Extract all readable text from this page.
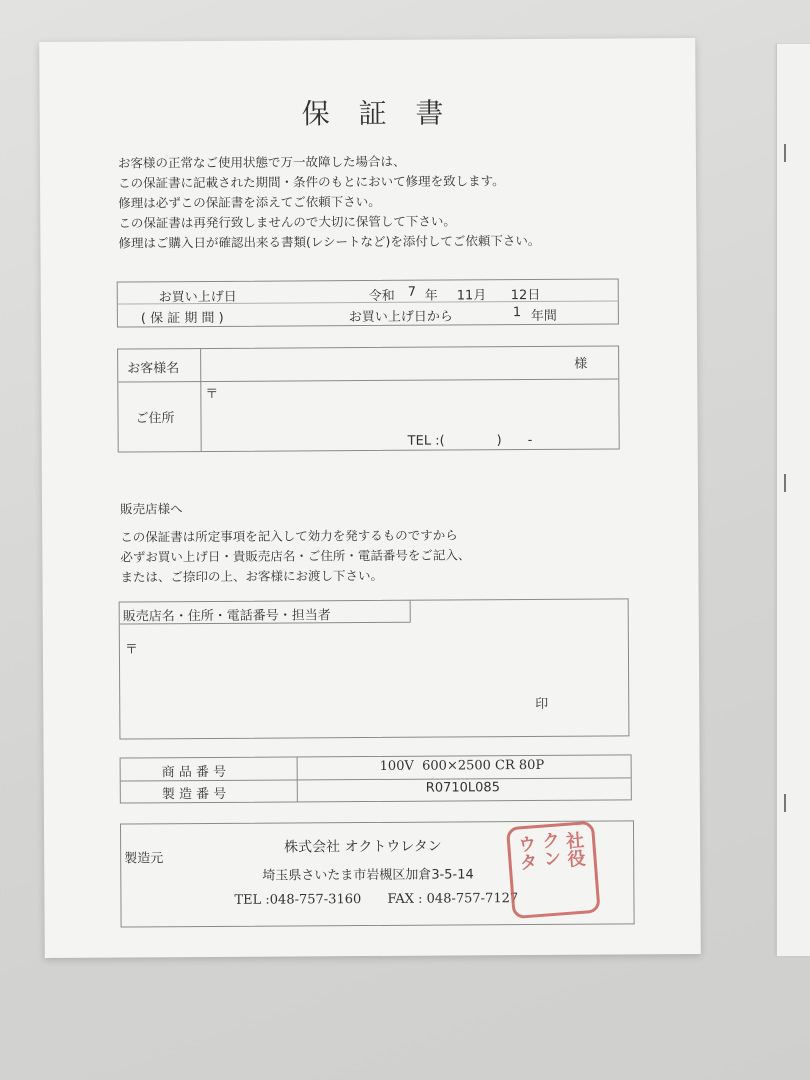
保 証 書
お客様の正常なご使用状態で万一故障した場合は、
この保証書に記載された期間・条件のもとにおいて修理を致します。
修理は必ずこの保証書を添えてご依頼下さい。
この保証書は再発行致しませんので大切に保管して下さい。
修理はご購入日が確認出来る書類(レシートなど)を添付してご依頼下さい。
お買い上げ日	令和 7 年 11月 12日
( 保 証 期 間 )	お買い上げ日から	1 年間
お客様名	様
ご住所
〒
TEL :(　　　　)　　-
販売店様へ
この保証書は所定事項を記入して効力を発するものですから
必ずお買い上げ日・貴販売店名・ご住所・電話番号をご記入、
または、ご捺印の上、お客様にお渡し下さい。
販売店名・住所・電話番号・担当者
〒
印
商 品 番 号	100V  600×2500 CR 80P
製 造 番 号	R0710L085
製造元
株式会社 オクトウレタン
埼玉県さいたま市岩槻区加倉3-5-14
TEL :048-757-3160 FAX : 048-757-7127
ウタ クン 社役
